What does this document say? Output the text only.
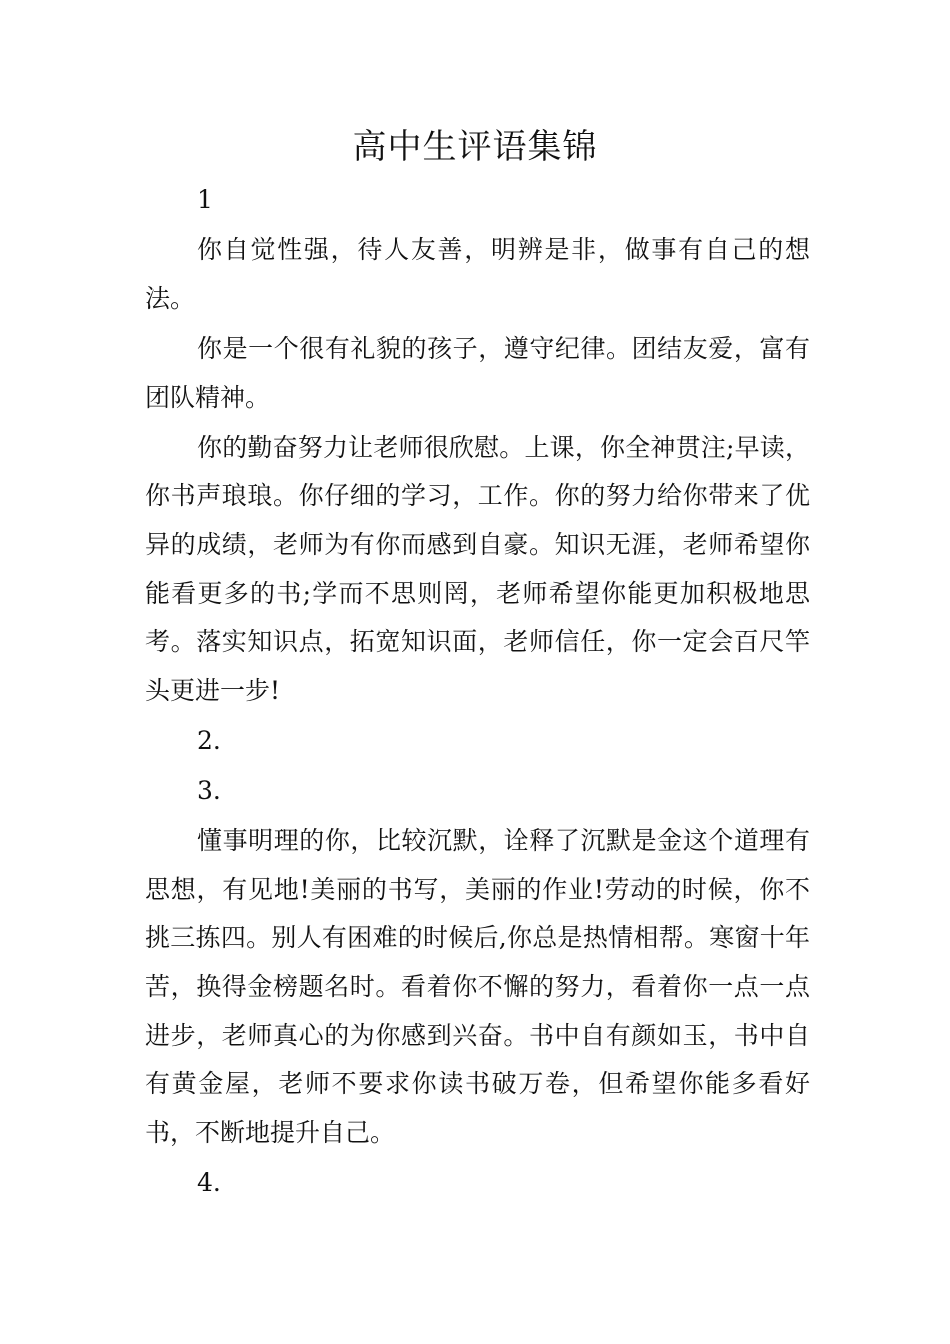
高中生评语集锦

1

你自觉性强，待人友善，明辨是非，做事有自己的想法。

你是一个很有礼貌的孩子，遵守纪律。团结友爱，富有团队精神。

你的勤奋努力让老师很欣慰。上课，你全神贯注;早读，你书声琅琅。你仔细的学习，工作。你的努力给你带来了优异的成绩，老师为有你而感到自豪。知识无涯，老师希望你能看更多的书;学而不思则罔，老师希望你能更加积极地思考。落实知识点，拓宽知识面，老师信任，你一定会百尺竿头更进一步!

2.

3.

懂事明理的你，比较沉默，诠释了沉默是金这个道理有思想，有见地!美丽的书写，美丽的作业!劳动的时候，你不挑三拣四。别人有困难的时候后,你总是热情相帮。寒窗十年苦，换得金榜题名时。看着你不懈的努力，看着你一点一点进步，老师真心的为你感到兴奋。书中自有颜如玉，书中自有黄金屋，老师不要求你读书破万卷，但希望你能多看好书，不断地提升自己。

4.
